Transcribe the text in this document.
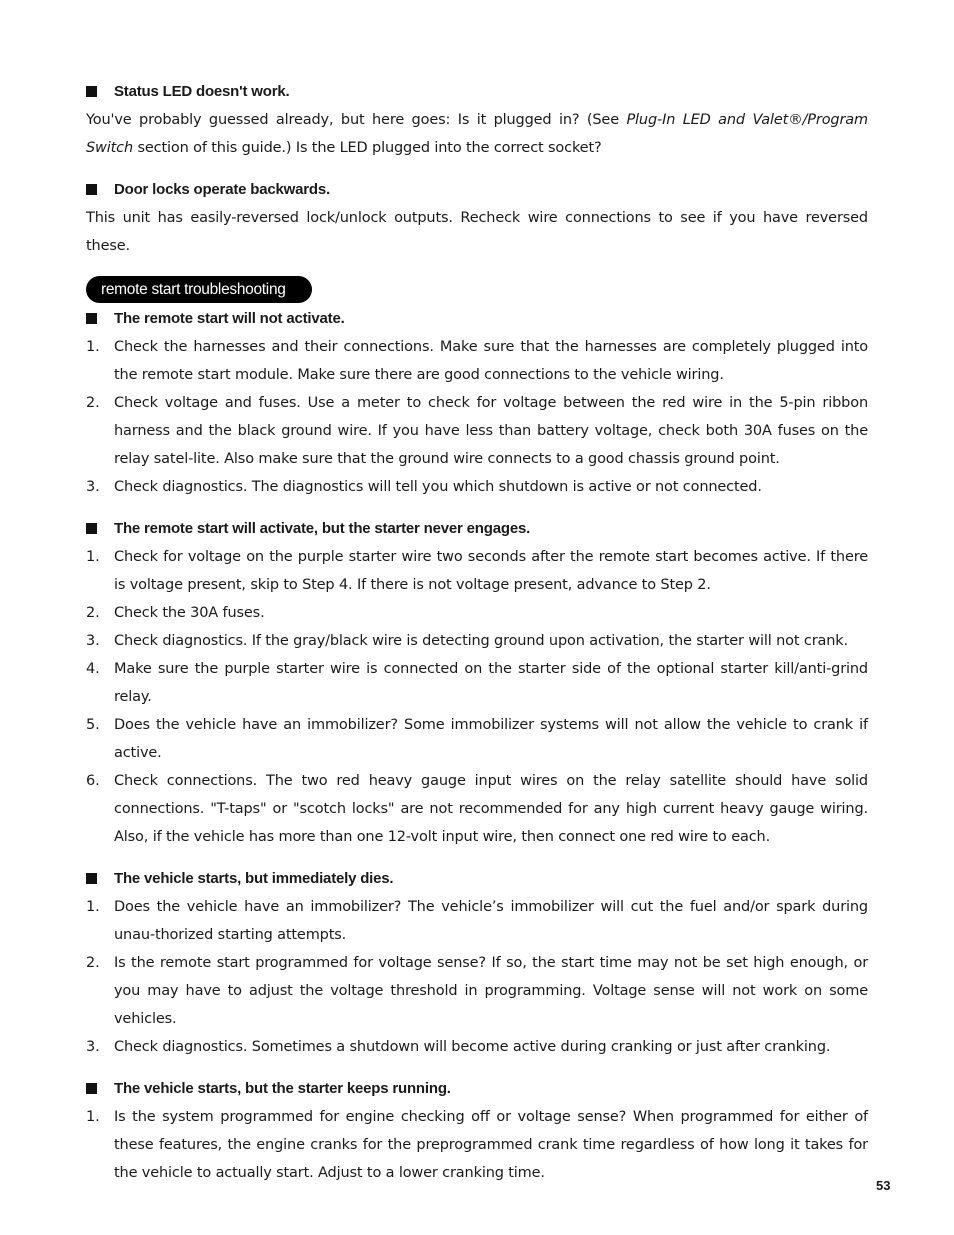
Status LED doesn't work.
You've probably guessed already, but here goes: Is it plugged in? (See Plug-In LED and Valet®/Program Switch section of this guide.) Is the LED plugged into the correct socket?
Door locks operate backwards.
This unit has easily-reversed lock/unlock outputs. Recheck wire connections to see if you have reversed these.
remote start troubleshooting
The remote start will not activate.
1. Check the harnesses and their connections. Make sure that the harnesses are completely plugged into the remote start module. Make sure there are good connections to the vehicle wiring.
2. Check voltage and fuses. Use a meter to check for voltage between the red wire in the 5-pin ribbon harness and the black ground wire. If you have less than battery voltage, check both 30A fuses on the relay satel-lite. Also make sure that the ground wire connects to a good chassis ground point.
3. Check diagnostics. The diagnostics will tell you which shutdown is active or not connected.
The remote start will activate, but the starter never engages.
1. Check for voltage on the purple starter wire two seconds after the remote start becomes active. If there is voltage present, skip to Step 4. If there is not voltage present, advance to Step 2.
2. Check the 30A fuses.
3. Check diagnostics. If the gray/black wire is detecting ground upon activation, the starter will not crank.
4. Make sure the purple starter wire is connected on the starter side of the optional starter kill/anti-grind relay.
5. Does the vehicle have an immobilizer? Some immobilizer systems will not allow the vehicle to crank if active.
6. Check connections. The two red heavy gauge input wires on the relay satellite should have solid connections. "T-taps" or "scotch locks" are not recommended for any high current heavy gauge wiring. Also, if the vehicle has more than one 12-volt input wire, then connect one red wire to each.
The vehicle starts, but immediately dies.
1. Does the vehicle have an immobilizer? The vehicle’s immobilizer will cut the fuel and/or spark during unau-thorized starting attempts.
2. Is the remote start programmed for voltage sense? If so, the start time may not be set high enough, or you may have to adjust the voltage threshold in programming. Voltage sense will not work on some vehicles.
3. Check diagnostics. Sometimes a shutdown will become active during cranking or just after cranking.
The vehicle starts, but the starter keeps running.
1. Is the system programmed for engine checking off or voltage sense? When programmed for either of these features, the engine cranks for the preprogrammed crank time regardless of how long it takes for the vehicle to actually start. Adjust to a lower cranking time.
53
